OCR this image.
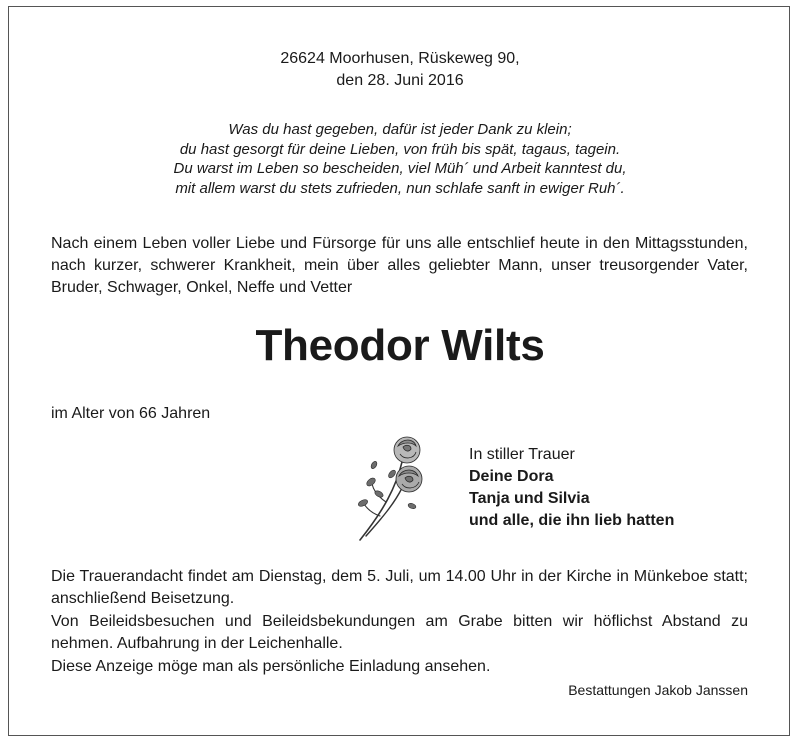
26624 Moorhusen, Rüskeweg 90,
den 28. Juni 2016
Was du hast gegeben, dafür ist jeder Dank zu klein;
du hast gesorgt für deine Lieben, von früh bis spät, tagaus, tagein.
Du warst im Leben so bescheiden, viel Müh´ und Arbeit kanntest du,
mit allem warst du stets zufrieden, nun schlafe sanft in ewiger Ruh´.
Nach einem Leben voller Liebe und Fürsorge für uns alle entschlief heute in den Mittagsstunden, nach kurzer, schwerer Krankheit, mein über alles geliebter Mann, unser treusorgender Vater, Bruder, Schwager, Onkel, Neffe und Vetter
Theodor Wilts
im Alter von 66 Jahren
In stiller Trauer
Deine Dora
Tanja und Silvia
und alle, die ihn lieb hatten
Die Trauerandacht findet am Dienstag, dem 5. Juli, um 14.00 Uhr in der Kirche in Münkeboe statt; anschließend Beisetzung.
Von Beileidsbesuchen und Beileidsbekundungen am Grabe bitten wir höflichst Abstand zu nehmen. Aufbahrung in der Leichenhalle.
Diese Anzeige möge man als persönliche Einladung ansehen.
Bestattungen Jakob Janssen
